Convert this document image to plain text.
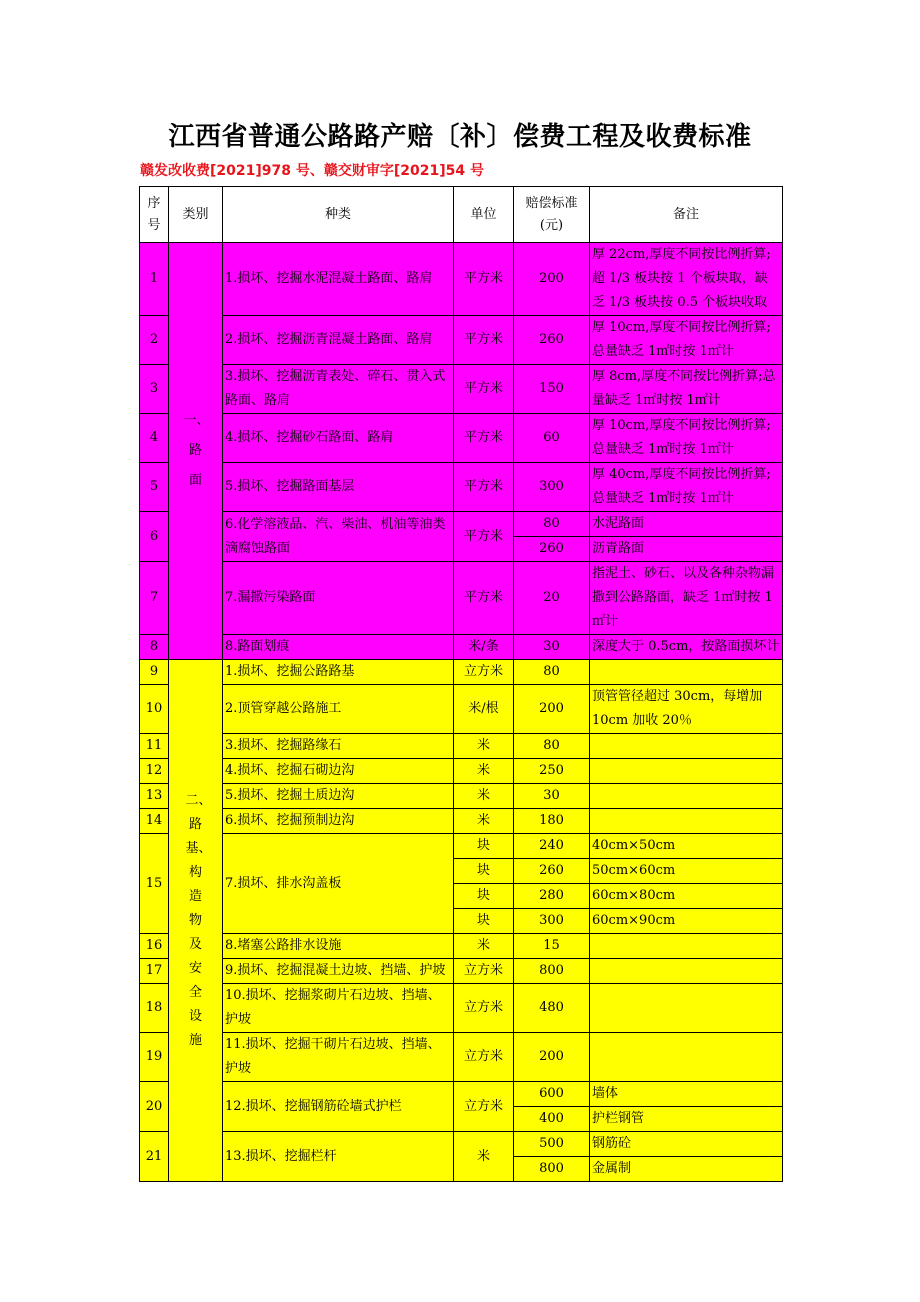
江西省普通公路路产赔〔补〕偿费工程及收费标准
赣发改收费[2021]978 号、赣交财审字[2021]54 号
序号	类别	种类	单位	赔偿标准(元)	备注
1	一、路面	1.损坏、挖掘水泥混凝土路面、路肩	平方米	200	厚 22cm,厚度不同按比例折算;超 1/3 板块按 1 个板块取，缺乏 1/3 板块按 0.5 个板块收取
2		2.损坏、挖掘沥青混凝土路面、路肩	平方米	260	厚 10cm,厚度不同按比例折算;总量缺乏 1㎡时按 1㎡计
3		3.损坏、挖掘沥青表处、碎石、贯入式路面、路肩	平方米	150	厚 8cm,厚度不同按比例折算;总量缺乏 1㎡时按 1㎡计
4		4.损坏、挖掘砂石路面、路肩	平方米	60	厚 10cm,厚度不同按比例折算;总量缺乏 1㎡时按 1㎡计
5		5.损坏、挖掘路面基层	平方米	300	厚 40cm,厚度不同按比例折算;总量缺乏 1㎡时按 1㎡计
6		6.化学溶液品、汽、柴油、机油等油类滴腐蚀路面	平方米	80	水泥路面
				260	沥青路面
7		7.漏撒污染路面	平方米	20	指泥土、砂石、以及各种杂物漏撒到公路路面，缺乏 1㎡时按 1㎡计
8		8.路面划痕	米/条	30	深度大于 0.5cm，按路面损坏计
9	二、路基、构造物及安全设施	1.损坏、挖掘公路路基	立方米	80	
10		2.顶管穿越公路施工	米/根	200	顶管管径超过 30cm，每增加 10cm 加收 20％
11		3.损坏、挖掘路缘石	米	80	
12		4.损坏、挖掘石砌边沟	米	250	
13		5.损坏、挖掘土质边沟	米	30	
14		6.损坏、挖掘预制边沟	米	180	
15		7.损坏、排水沟盖板	块	240	40cm×50cm
			块	260	50cm×60cm
			块	280	60cm×80cm
			块	300	60cm×90cm
16		8.堵塞公路排水设施	米	15	
17		9.损坏、挖掘混凝土边坡、挡墙、护坡	立方米	800	
18		10.损坏、挖掘浆砌片石边坡、挡墙、护坡	立方米	480	
19		11.损坏、挖掘干砌片石边坡、挡墙、护坡	立方米	200	
20		12.损坏、挖掘钢筋砼墙式护栏	立方米	600	墙体
				400	护栏钢管
21		13.损坏、挖掘栏杆	米	500	钢筋砼
				800	金属制
